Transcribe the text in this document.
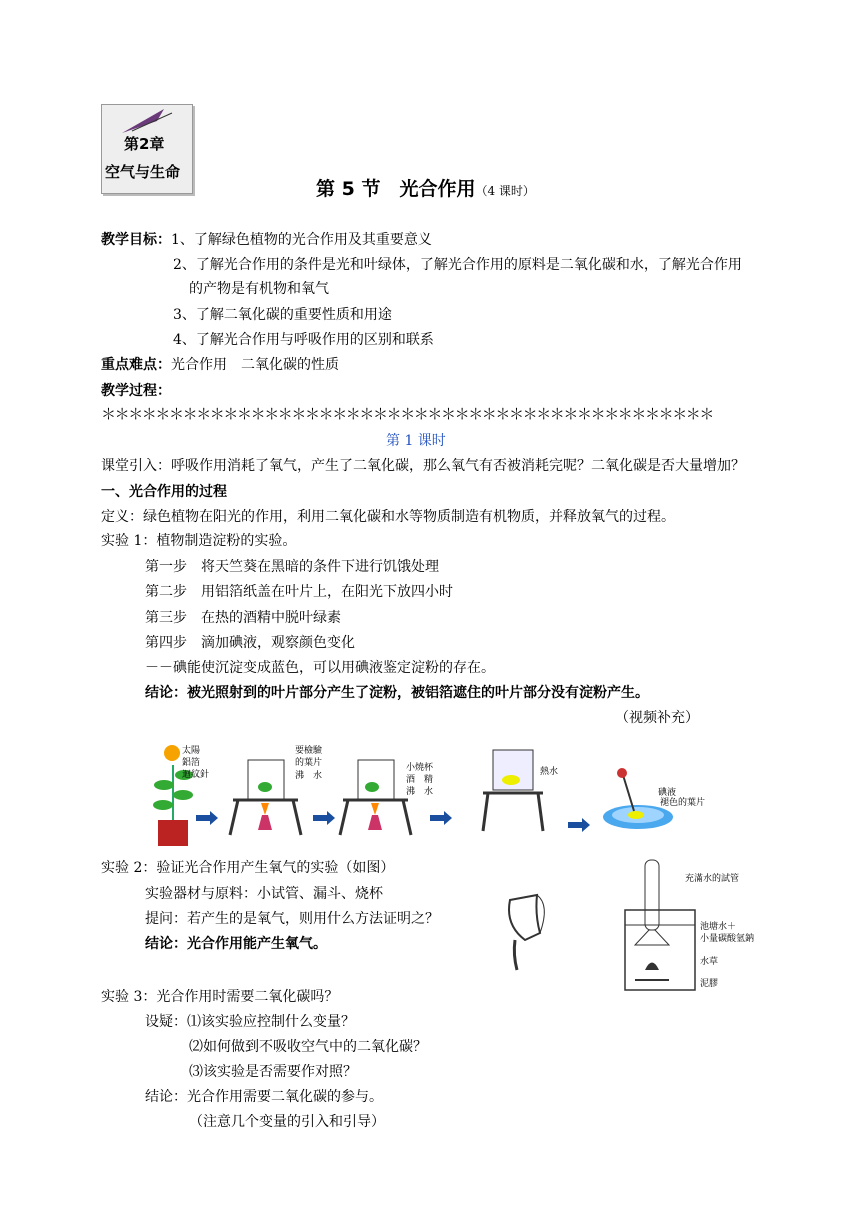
第2章
空气与生命
第 5 节　光合作用（4 课时）
教学目标：1、了解绿色植物的光合作用及其重要意义
2、了解光合作用的条件是光和叶绿体，了解光合作用的原料是二氧化碳和水，了解光合作用
的产物是有机物和氧气
3、了解二氧化碳的重要性质和用途
4、了解光合作用与呼吸作用的区别和联系
重点难点：光合作用　二氧化碳的性质
教学过程：
＊＊＊＊＊＊＊＊＊＊＊＊＊＊＊＊＊＊＊＊＊＊＊＊＊＊＊＊＊＊＊＊＊＊＊＊＊＊＊＊＊＊＊＊＊
第 1 课时
课堂引入：呼吸作用消耗了氧气，产生了二氧化碳，那么氧气有否被消耗完呢？二氧化碳是否大量增加？
一、光合作用的过程
定义：绿色植物在阳光的作用，利用二氧化碳和水等物质制造有机物质，并释放氧气的过程。
实验 1：植物制造淀粉的实验。
第一步　将天竺葵在黑暗的条件下进行饥饿处理
第二步　用铝箔纸盖在叶片上，在阳光下放四小时
第三步　在热的酒精中脱叶绿素
第四步　滴加碘液，观察颜色变化
－－碘能使沉淀变成蓝色，可以用碘液鉴定淀粉的存在。
结论：被光照射到的叶片部分产生了淀粉，被铝箔遮住的叶片部分没有淀粉产生。
（视频补充）
太陽
鋁箔
迴紋針
要檢驗
的葉片
沸　水
小燒杯
酒　精
沸　水
熱水
碘液
褪色的葉片
实验 2：验证光合作用产生氧气的实验（如图）
实验器材与原料：小试管、漏斗、烧杯
提问：若产生的是氧气，则用什么方法证明之？
结论：光合作用能产生氧气。
充滿水的試管
池塘水＋
小量碳酸氫鈉
水草
泥膠
实验 3：光合作用时需要二氧化碳吗？
设疑：⑴该实验应控制什么变量？
⑵如何做到不吸收空气中的二氧化碳？
⑶该实验是否需要作对照？
结论：光合作用需要二氧化碳的参与。
（注意几个变量的引入和引导）
